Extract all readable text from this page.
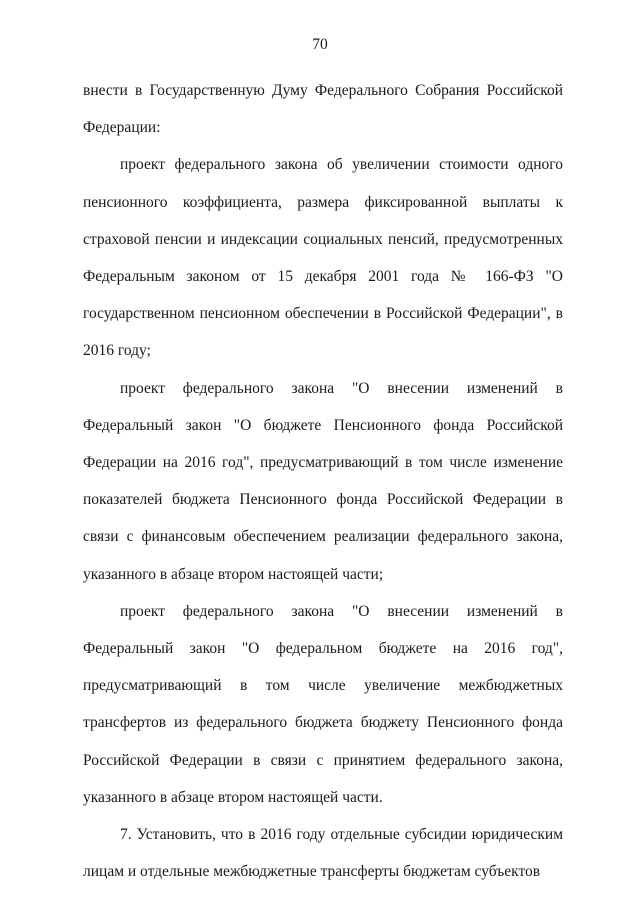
70

внести в Государственную Думу Федерального Собрания Российской Федерации:

проект федерального закона об увеличении стоимости одного пенсионного коэффициента, размера фиксированной выплаты к страховой пенсии и индексации социальных пенсий, предусмотренных Федеральным законом от 15 декабря 2001 года № 166-ФЗ "О государственном пенсионном обеспечении в Российской Федерации", в 2016 году;

проект федерального закона "О внесении изменений в Федеральный закон "О бюджете Пенсионного фонда Российской Федерации на 2016 год", предусматривающий в том числе изменение показателей бюджета Пенсионного фонда Российской Федерации в связи с финансовым обеспечением реализации федерального закона, указанного в абзаце втором настоящей части;

проект федерального закона "О внесении изменений в Федеральный закон "О федеральном бюджете на 2016 год", предусматривающий в том числе увеличение межбюджетных трансфертов из федерального бюджета бюджету Пенсионного фонда Российской Федерации в связи с принятием федерального закона, указанного в абзаце втором настоящей части.

7. Установить, что в 2016 году отдельные субсидии юридическим лицам и отдельные межбюджетные трансферты бюджетам субъектов
